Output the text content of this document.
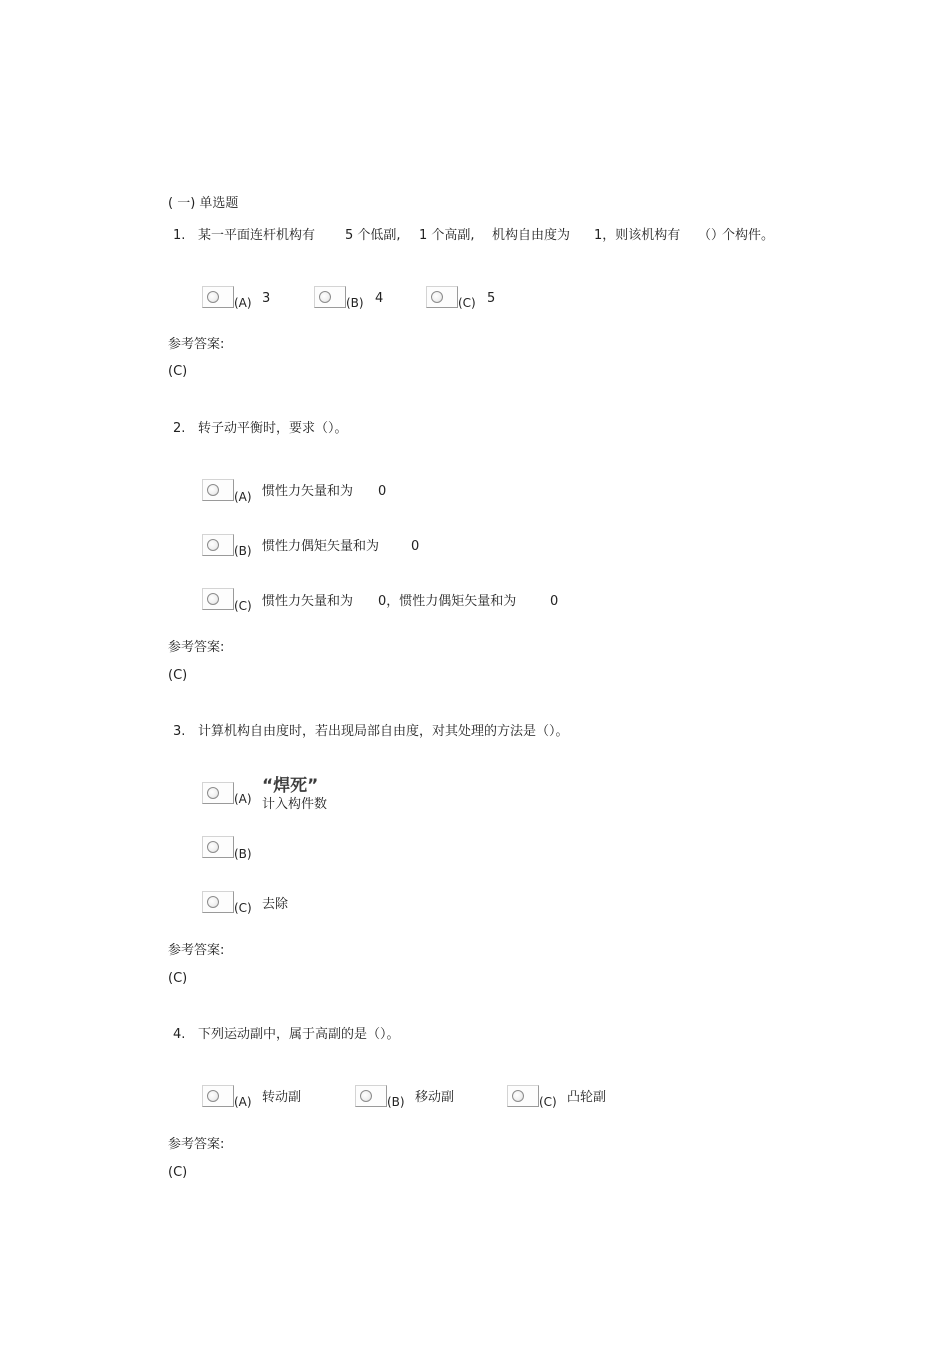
( 一) 单选题
1. 某一平面连杆机构有 5 个低副, 1 个高副, 机构自由度为 1，则该机构有 （）
个构件。
(A) 3	(B) 4	(C) 5
参考答案:
(C)
2. 转子动平衡时，要求（）。
(A) 惯性力矢量和为 0
(B) 惯性力偶矩矢量和为 0
(C) 惯性力矢量和为 0，惯性力偶矩矢量和为	0
参考答案:
(C)
3. 计算机构自由度时，若出现局部自由度，对其处理的方法是（）。
(A)
“焊死”
计入构件数
(B)
(C) 去除
参考答案:
(C)
4. 下列运动副中，属于高副的是（）。
(A) 转动副	(B) 移动副	(C) 凸轮副
参考答案:
(C)
